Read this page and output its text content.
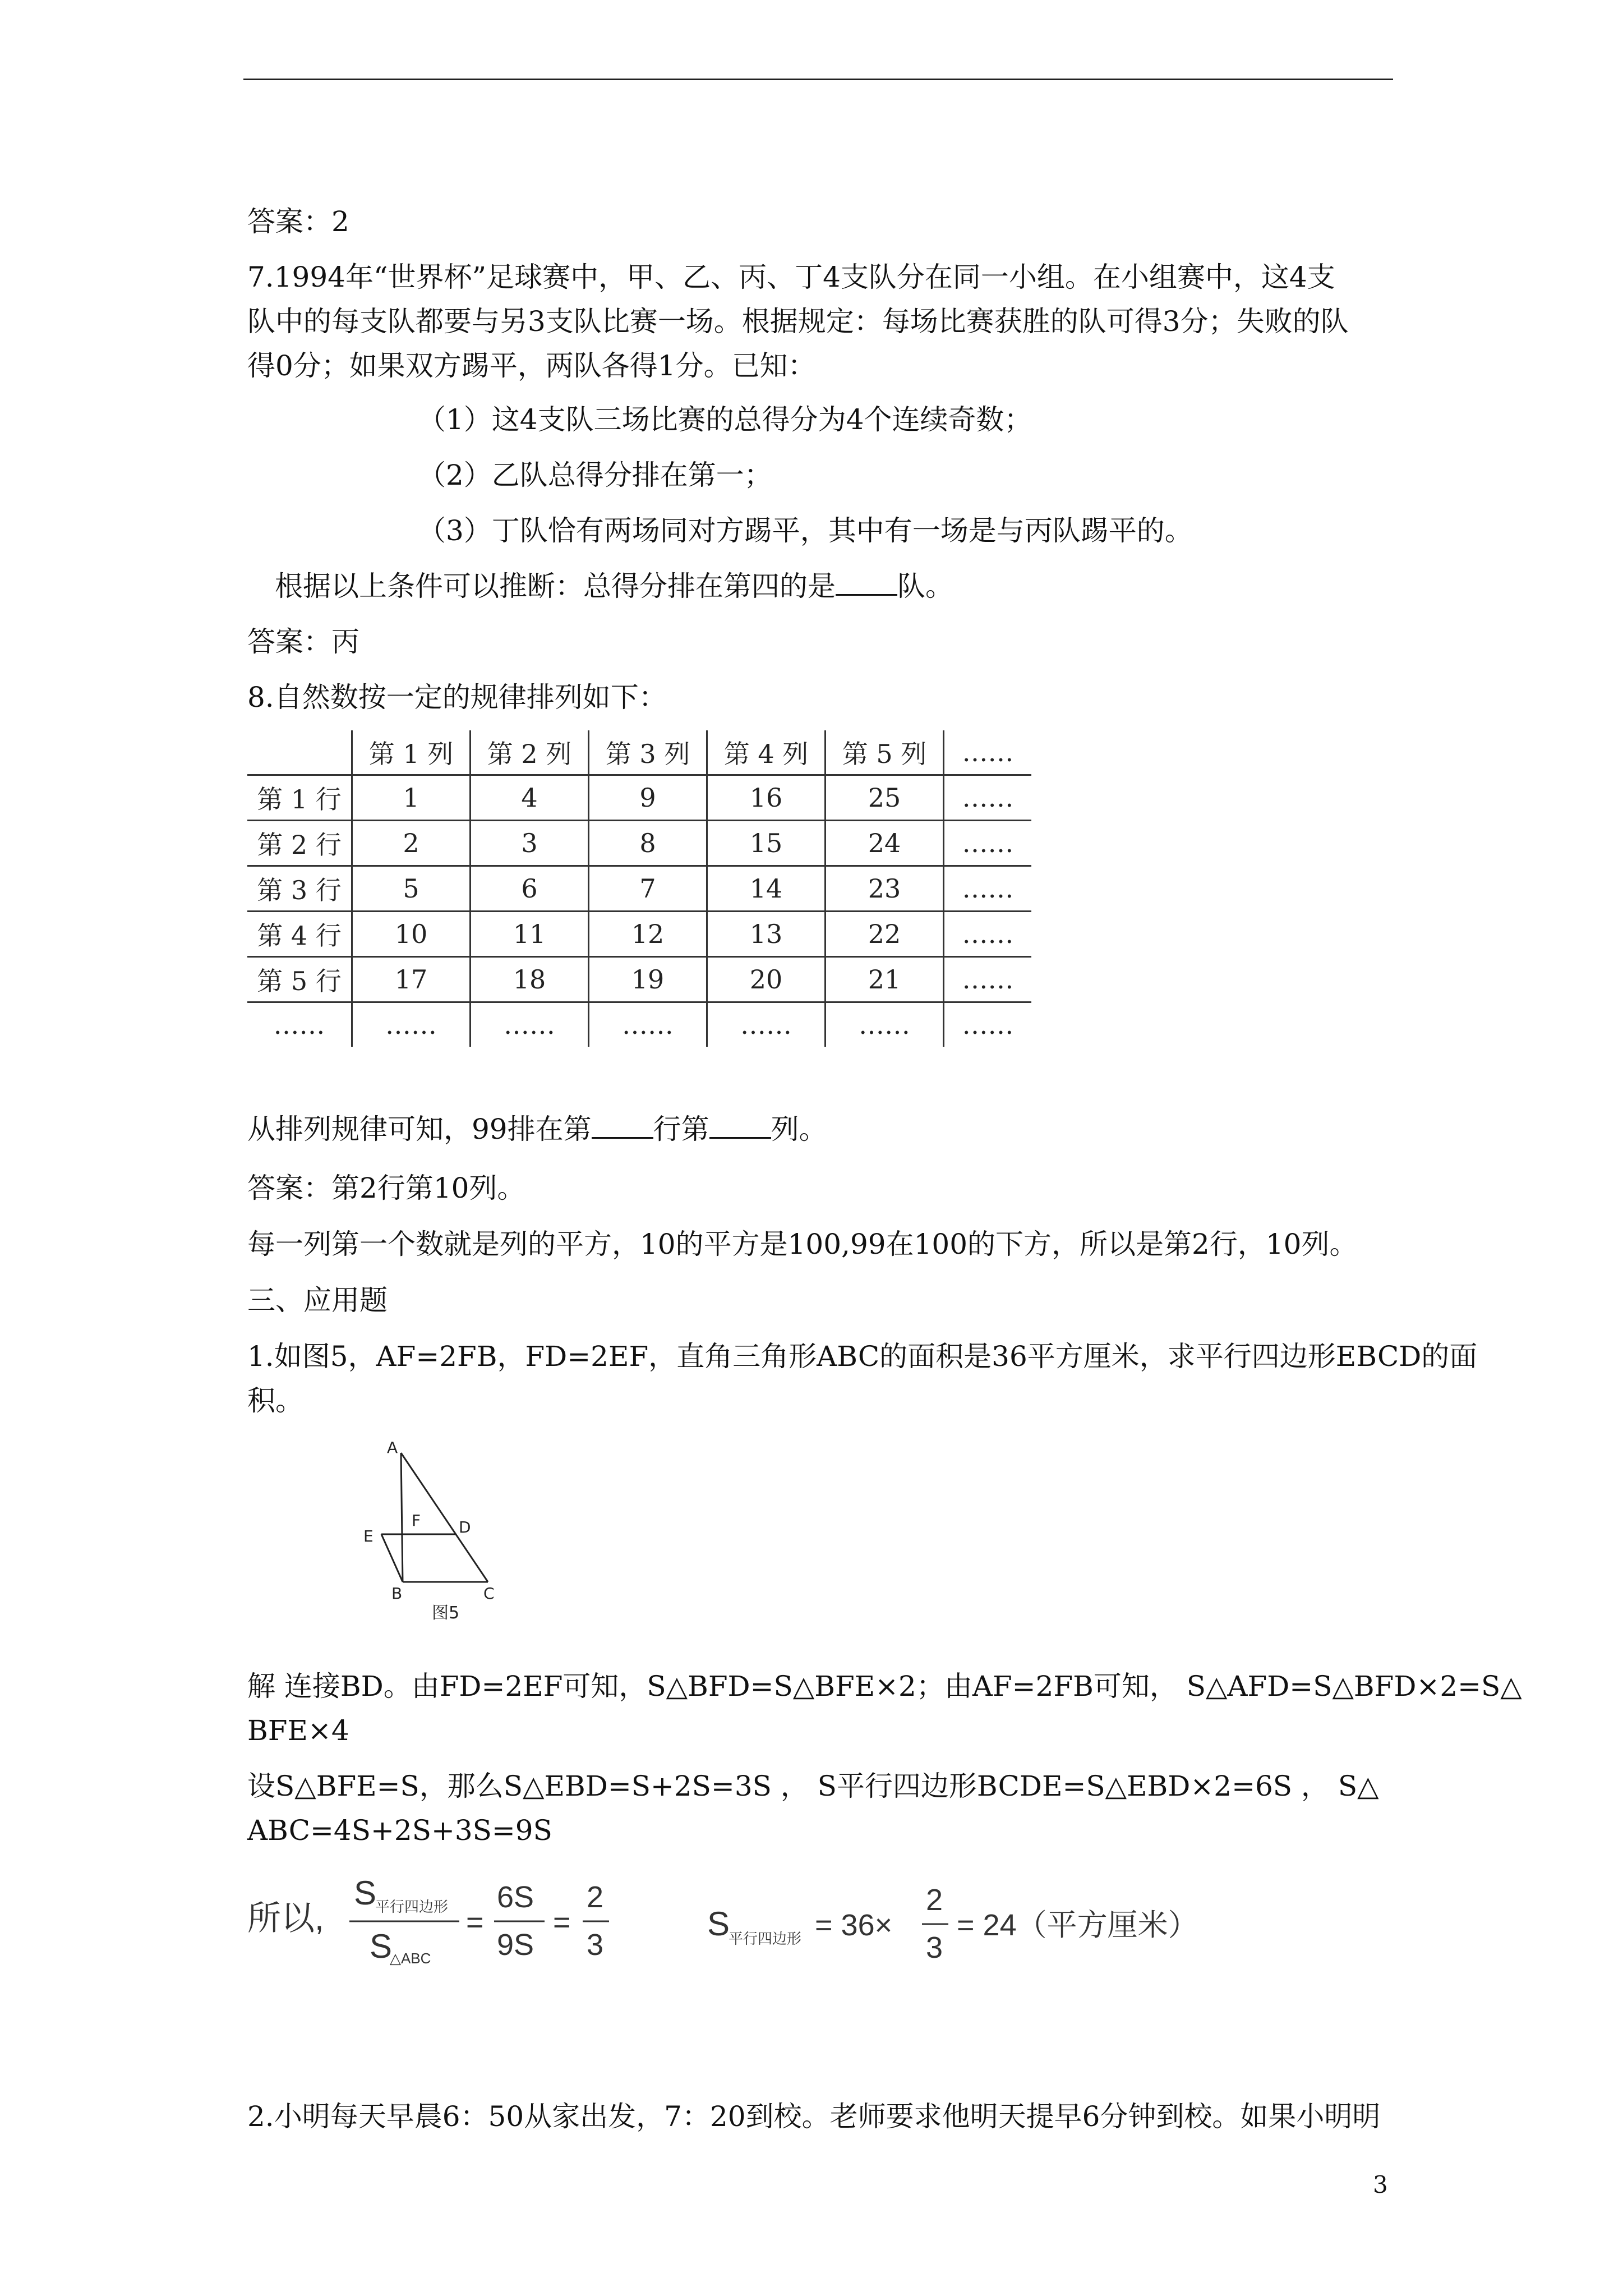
答案：2
7.1994年“世界杯”足球赛中，甲、乙、丙、丁4支队分在同一小组。在小组赛中，这4支
队中的每支队都要与另3支队比赛一场。根据规定：每场比赛获胜的队可得3分；失败的队
得0分；如果双方踢平，两队各得1分。已知：
（1）这4支队三场比赛的总得分为4个连续奇数；
（2）乙队总得分排在第一；
（3）丁队恰有两场同对方踢平，其中有一场是与丙队踢平的。
根据以上条件可以推断：总得分排在第四的是 队。
答案：丙
8.自然数按一定的规律排列如下：
	第 1 列	第 2 列	第 3 列	第 4 列	第 5 列	……
第 1 行	1	4	9	16	25	……
第 2 行	2	3	8	15	24	……
第 3 行	5	6	7	14	23	……
第 4 行	10	11	12	13	22	……
第 5 行	17	18	19	20	21	……
……	……	……	……	……	……	……
从排列规律可知，99排在第 行第 列。
答案：第2行第10列。
每一列第一个数就是列的平方，10的平方是100,99在100的下方，所以是第2行，10列。
三、应用题
1.如图5，AF=2FB，FD=2EF，直角三角形ABC的面积是36平方厘米，求平行四边形EBCD的面
积。
A
F D
E
B	C
图5
解 连接BD。由FD=2EF可知，S△BFD=S△BFE×2；由AF=2FB可知， S△AFD=S△BFD×2=S△
BFE×4
设S△BFE=S，那么S△EBD=S+2S=3S ， S平行四边形BCDE=S△EBD×2=6S ， S△
ABC=4S+2S+3S=9S
所以,
S
平行四边形
S
△ABC
=
6S
9S
=
2
3
S
平行四边形 = 36×
2
3
= 24（平方厘米）
2.小明每天早晨6：50从家出发，7：20到校。老师要求他明天提早6分钟到校。如果小明明
3
